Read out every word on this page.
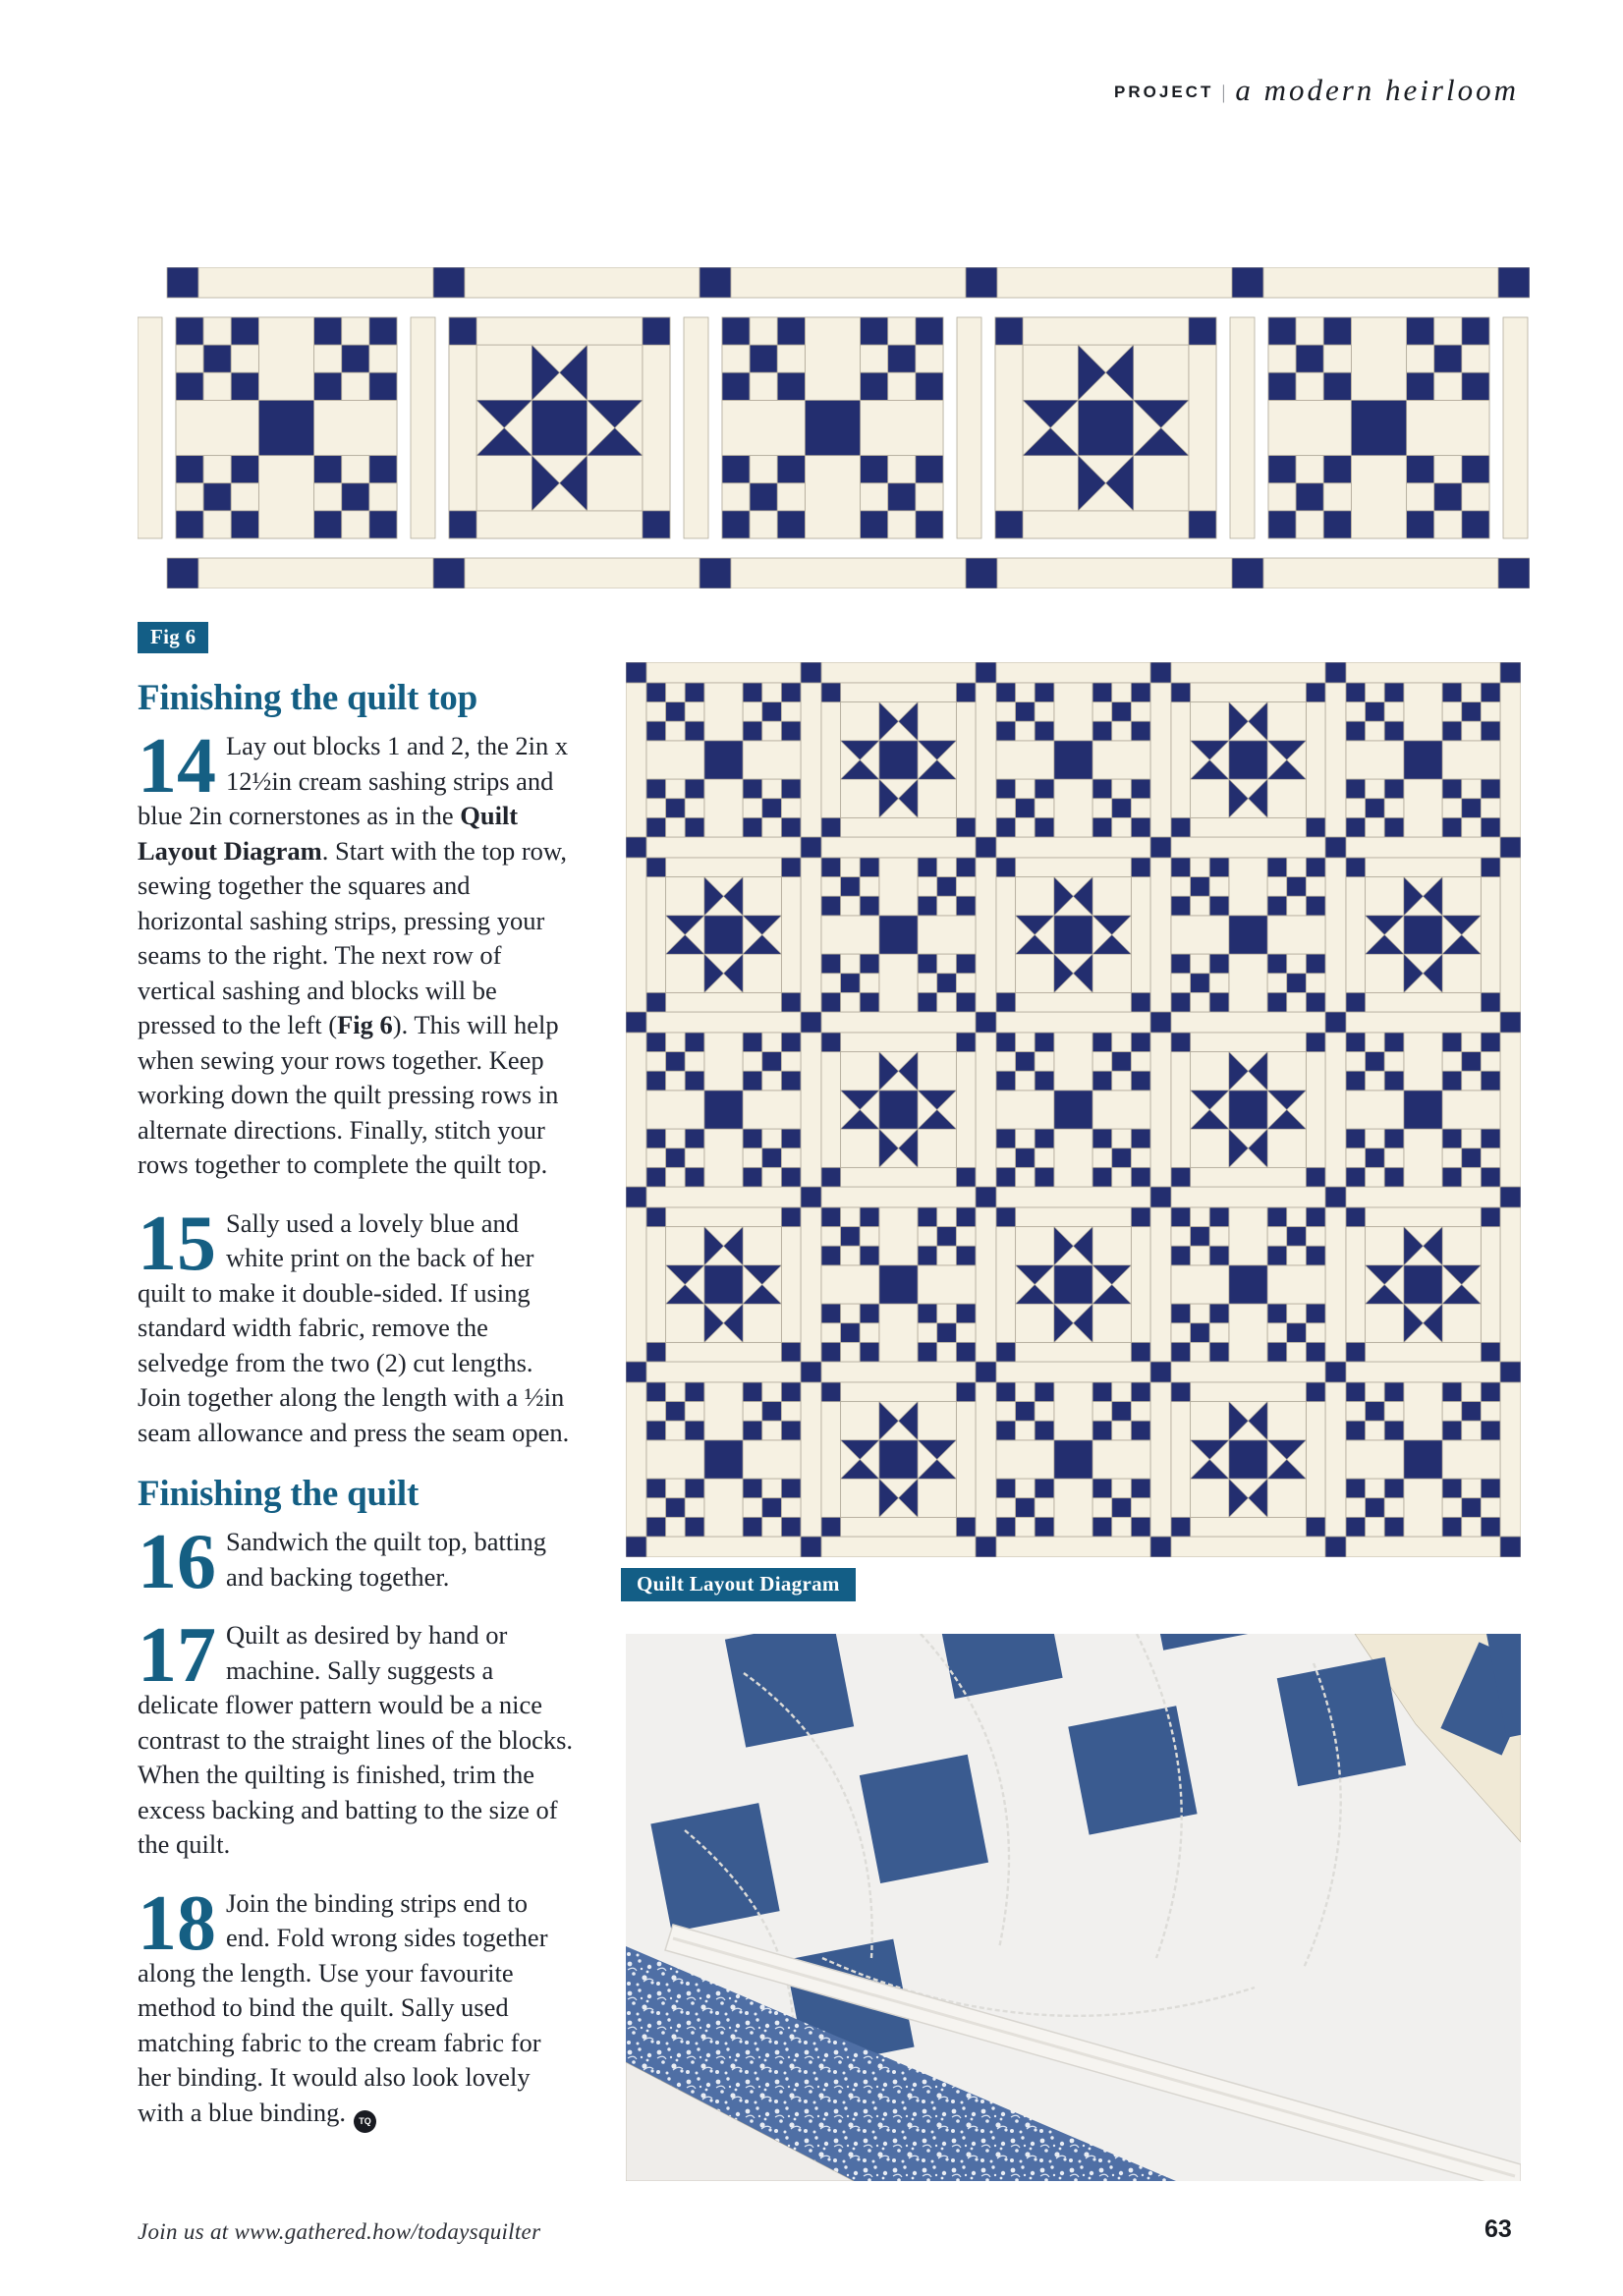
PROJECT | a modern heirloom
Fig 6
Finishing the quilt top
14 Lay out blocks 1 and 2, the 2in x 12½in cream sashing strips and blue 2in cornerstones as in the Quilt Layout Diagram. Start with the top row, sewing together the squares and horizontal sashing strips, pressing your seams to the right. The next row of vertical sashing and blocks will be pressed to the left (Fig 6). This will help when sewing your rows together. Keep working down the quilt pressing rows in alternate directions. Finally, stitch your rows together to complete the quilt top.

15 Sally used a lovely blue and white print on the back of her quilt to make it double-sided. If using standard width fabric, remove the selvedge from the two (2) cut lengths. Join together along the length with a ½in seam allowance and press the seam open.

Finishing the quilt
16 Sandwich the quilt top, batting and backing together.

17 Quilt as desired by hand or machine. Sally suggests a delicate flower pattern would be a nice contrast to the straight lines of the blocks. When the quilting is finished, trim the excess backing and batting to the size of the quilt.

18 Join the binding strips end to end. Fold wrong sides together along the length. Use your favourite method to bind the quilt. Sally used matching fabric to the cream fabric for her binding. It would also look lovely with a blue binding. TQ

Quilt Layout Diagram
Join us at www.gathered.how/todaysquilter	63
